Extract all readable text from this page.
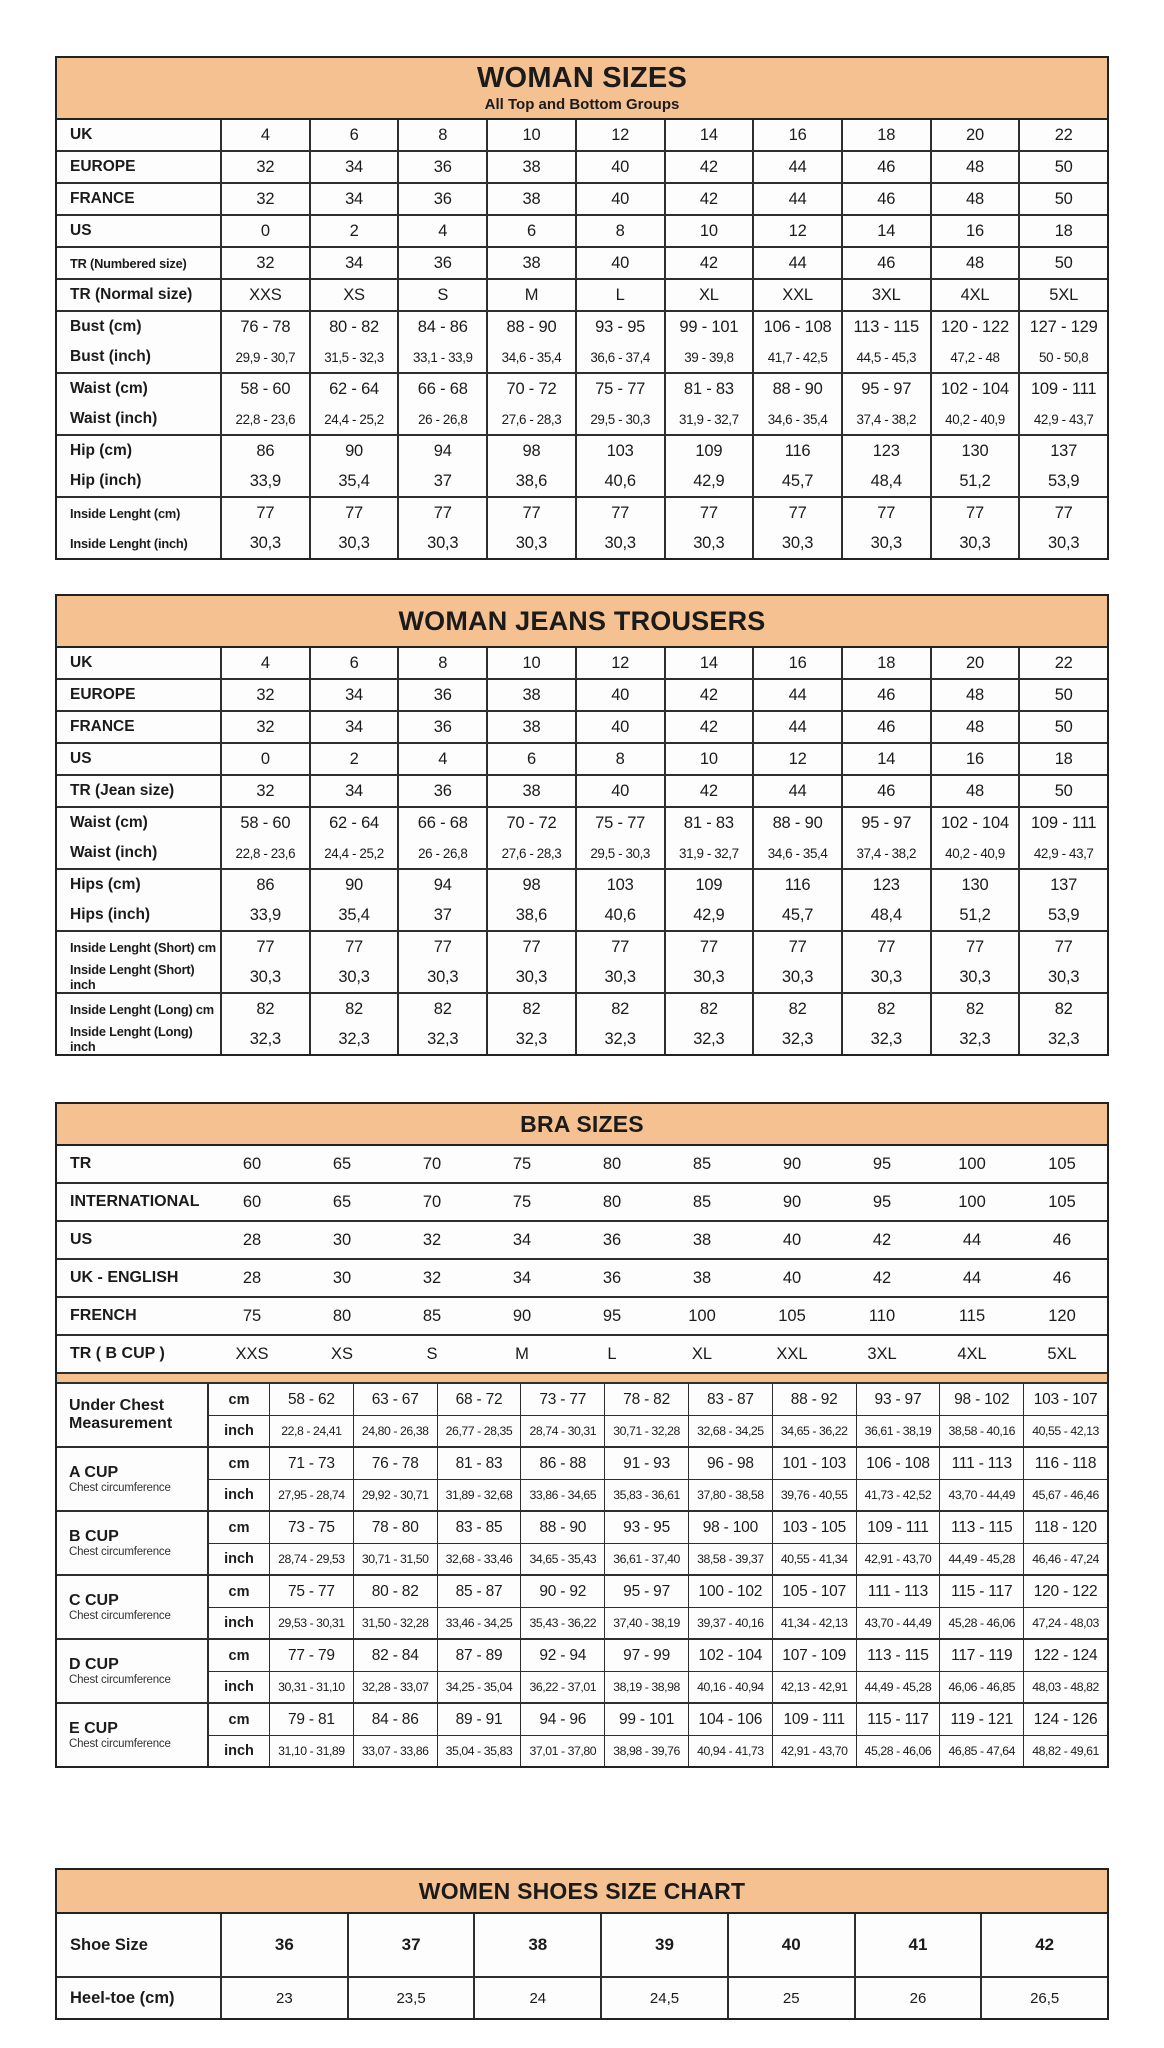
WOMAN SIZES
All Top and Bottom Groups
UK	4	6	8	10	12	14	16	18	20	22
EUROPE	32	34	36	38	40	42	44	46	48	50
FRANCE	32	34	36	38	40	42	44	46	48	50
US	0	2	4	6	8	10	12	14	16	18
TR (Numbered size)	32	34	36	38	40	42	44	46	48	50
TR (Normal size)	XXS	XS	S	M	L	XL	XXL	3XL	4XL	5XL
Bust (cm)	76 - 78	80 - 82	84 - 86	88 - 90	93 - 95	99 - 101	106 - 108	113 - 115	120 - 122	127 - 129
Bust (inch)	29,9 - 30,7	31,5 - 32,3	33,1 - 33,9	34,6 - 35,4	36,6 - 37,4	39 - 39,8	41,7 - 42,5	44,5 - 45,3	47,2 - 48	50 - 50,8
Waist (cm)	58 - 60	62 - 64	66 - 68	70 - 72	75 - 77	81 - 83	88 - 90	95 - 97	102 - 104	109 - 111
Waist (inch)	22,8 - 23,6	24,4 - 25,2	26 - 26,8	27,6 - 28,3	29,5 - 30,3	31,9 - 32,7	34,6 - 35,4	37,4 - 38,2	40,2 - 40,9	42,9 - 43,7
Hip (cm)	86	90	94	98	103	109	116	123	130	137
Hip (inch)	33,9	35,4	37	38,6	40,6	42,9	45,7	48,4	51,2	53,9
Inside Lenght (cm)	77	77	77	77	77	77	77	77	77	77
Inside Lenght (inch)	30,3	30,3	30,3	30,3	30,3	30,3	30,3	30,3	30,3	30,3
WOMAN JEANS TROUSERS
UK	4	6	8	10	12	14	16	18	20	22
EUROPE	32	34	36	38	40	42	44	46	48	50
FRANCE	32	34	36	38	40	42	44	46	48	50
US	0	2	4	6	8	10	12	14	16	18
TR (Jean size)	32	34	36	38	40	42	44	46	48	50
Waist (cm)	58 - 60	62 - 64	66 - 68	70 - 72	75 - 77	81 - 83	88 - 90	95 - 97	102 - 104	109 - 111
Waist (inch)	22,8 - 23,6	24,4 - 25,2	26 - 26,8	27,6 - 28,3	29,5 - 30,3	31,9 - 32,7	34,6 - 35,4	37,4 - 38,2	40,2 - 40,9	42,9 - 43,7
Hips (cm)	86	90	94	98	103	109	116	123	130	137
Hips (inch)	33,9	35,4	37	38,6	40,6	42,9	45,7	48,4	51,2	53,9
Inside Lenght (Short) cm	77	77	77	77	77	77	77	77	77	77
Inside Lenght (Short) inch	30,3	30,3	30,3	30,3	30,3	30,3	30,3	30,3	30,3	30,3
Inside Lenght (Long) cm	82	82	82	82	82	82	82	82	82	82
Inside Lenght (Long) inch	32,3	32,3	32,3	32,3	32,3	32,3	32,3	32,3	32,3	32,3
BRA SIZES
TR	60	65	70	75	80	85	90	95	100	105
INTERNATIONAL	60	65	70	75	80	85	90	95	100	105
US	28	30	32	34	36	38	40	42	44	46
UK - ENGLISH	28	30	32	34	36	38	40	42	44	46
FRENCH	75	80	85	90	95	100	105	110	115	120
TR ( B CUP )	XXS	XS	S	M	L	XL	XXL	3XL	4XL	5XL
Under Chest Measurement
cm	58 - 62	63 - 67	68 - 72	73 - 77	78 - 82	83 - 87	88 - 92	93 - 97	98 - 102	103 - 107
inch	22,8 - 24,41	24,80 - 26,38	26,77 - 28,35	28,74 - 30,31	30,71 - 32,28	32,68 - 34,25	34,65 - 36,22	36,61 - 38,19	38,58 - 40,16	40,55 - 42,13
A CUP
Chest circumference
cm	71 - 73	76 - 78	81 - 83	86 - 88	91 - 93	96 - 98	101 - 103	106 - 108	111 - 113	116 - 118
inch	27,95 - 28,74	29,92 - 30,71	31,89 - 32,68	33,86 - 34,65	35,83 - 36,61	37,80 - 38,58	39,76 - 40,55	41,73 - 42,52	43,70 - 44,49	45,67 - 46,46
B CUP
Chest circumference
cm	73 - 75	78 - 80	83 - 85	88 - 90	93 - 95	98 - 100	103 - 105	109 - 111	113 - 115	118 - 120
inch	28,74 - 29,53	30,71 - 31,50	32,68 - 33,46	34,65 - 35,43	36,61 - 37,40	38,58 - 39,37	40,55 - 41,34	42,91 - 43,70	44,49 - 45,28	46,46 - 47,24
C CUP
Chest circumference
cm	75 - 77	80 - 82	85 - 87	90 - 92	95 - 97	100 - 102	105 - 107	111 - 113	115 - 117	120 - 122
inch	29,53 - 30,31	31,50 - 32,28	33,46 - 34,25	35,43 - 36,22	37,40 - 38,19	39,37 - 40,16	41,34 - 42,13	43,70 - 44,49	45,28 - 46,06	47,24 - 48,03
D CUP
Chest circumference
cm	77 - 79	82 - 84	87 - 89	92 - 94	97 - 99	102 - 104	107 - 109	113 - 115	117 - 119	122 - 124
inch	30,31 - 31,10	32,28 - 33,07	34,25 - 35,04	36,22 - 37,01	38,19 - 38,98	40,16 - 40,94	42,13 - 42,91	44,49 - 45,28	46,06 - 46,85	48,03 - 48,82
E CUP
Chest circumference
cm	79 - 81	84 - 86	89 - 91	94 - 96	99 - 101	104 - 106	109 - 111	115 - 117	119 - 121	124 - 126
inch	31,10 - 31,89	33,07 - 33,86	35,04 - 35,83	37,01 - 37,80	38,98 - 39,76	40,94 - 41,73	42,91 - 43,70	45,28 - 46,06	46,85 - 47,64	48,82 - 49,61
WOMEN SHOES SIZE CHART
Shoe Size	36	37	38	39	40	41	42
Heel-toe (cm)	23	23,5	24	24,5	25	26	26,5
